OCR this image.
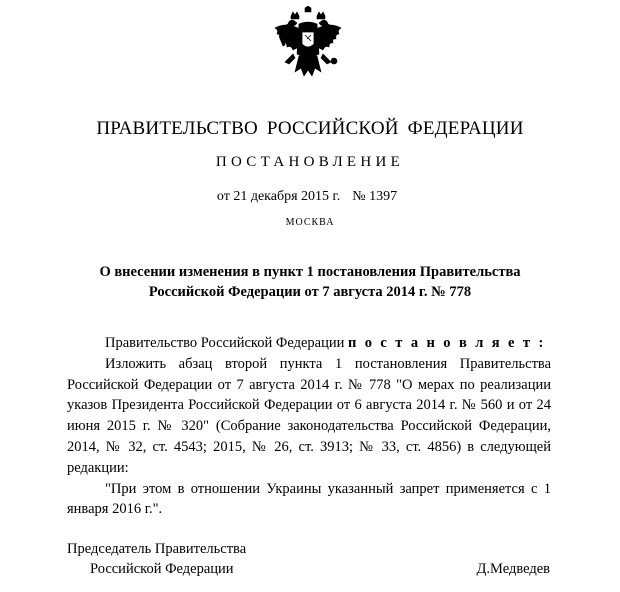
ПРАВИТЕЛЬСТВО РОССИЙСКОЙ ФЕДЕРАЦИИ
ПОСТАНОВЛЕНИЕ
от 21 декабря 2015 г. № 1397
МОСКВА
О внесении изменения в пункт 1 постановления Правительства
Российской Федерации от 7 августа 2014 г. № 778

Правительство Российской Федерации п о с т а н о в л я е т :

Изложить абзац второй пункта 1 постановления Правительства Российской Федерации от 7 августа 2014 г. № 778 "О мерах по реализации указов Президента Российской Федерации от 6 августа 2014 г. № 560 и от 24 июня 2015 г. № 320" (Собрание законодательства Российской Федерации, 2014, № 32, ст. 4543; 2015, № 26, ст. 3913; № 33, ст. 4856) в следующей редакции:

"При этом в отношении Украины указанный запрет применяется с 1 января 2016 г.".

Председатель Правительства
Российской Федерации	Д.Медведев
